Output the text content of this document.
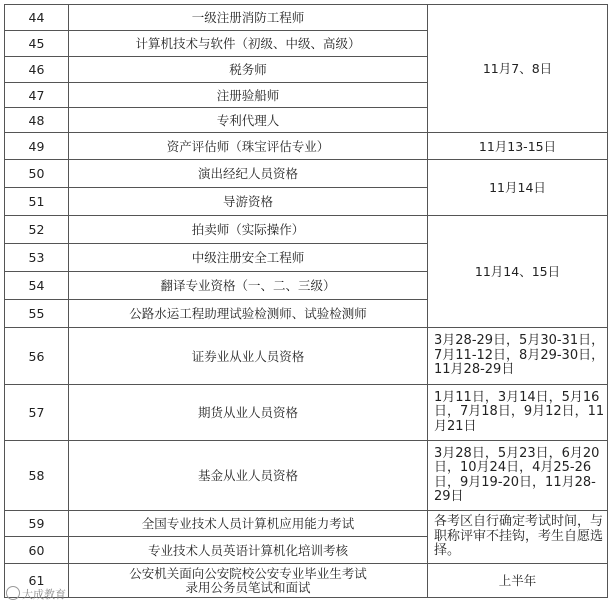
44	一级注册消防工程师	11月7、8日
45	计算机技术与软件（初级、中级、高级）	
46	税务师	
47	注册验船师	
48	专利代理人	
49	资产评估师（珠宝评估专业）	11月13-15日
50	演出经纪人员资格	11月14日
51	导游资格	
52	拍卖师（实际操作）	11月14、15日
53	中级注册安全工程师	
54	翻译专业资格（一、二、三级）	
55	公路水运工程助理试验检测师、试验检测师	
56	证券业从业人员资格	3月28-29日，5月30-31日，7月11-12日，8月29-30日，11月28-29日
57	期货从业人员资格	1月11日，3月14日，5月16日，7月18日，9月12日，11月21日
58	基金从业人员资格	3月28日，5月23日，6月20日，10月24日，4月25-26日，9月19-20日，11月28-29日
59	全国专业技术人员计算机应用能力考试	各考区自行确定考试时间，与职称评审不挂钩，考生自愿选择。
60	专业技术人员英语计算机化培训考核	
61	公安机关面向公安院校公安专业毕业生考试录用公务员笔试和面试	上半年
大成教育
